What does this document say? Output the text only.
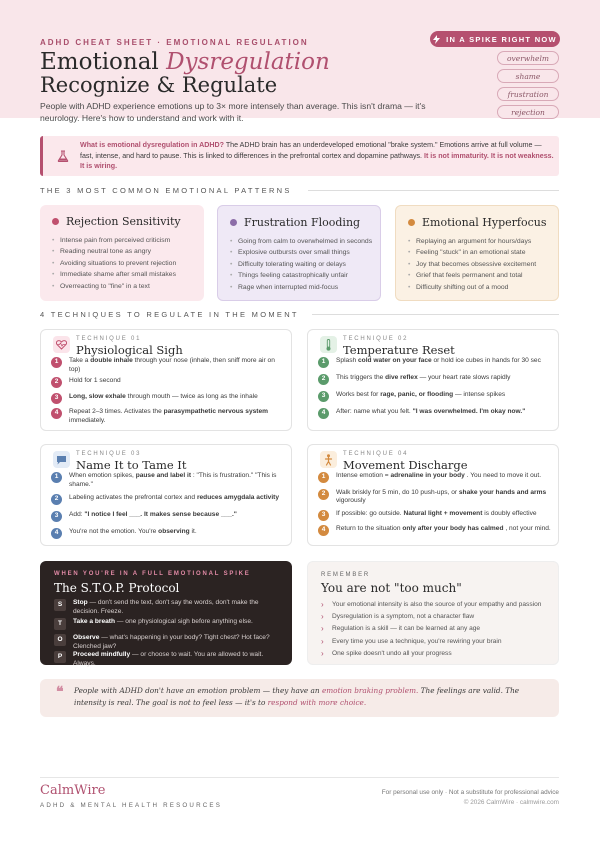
ADHD CHEAT SHEET · EMOTIONAL REGULATION
Emotional Dysregulation
Recognize & Regulate
People with ADHD experience emotions up to 3× more intensely than average. This isn't drama — it's neurology. Here's how to understand and work with it.
IN A SPIKE RIGHT NOW
overwhelm
shame
frustration
rejection
What is emotional dysregulation in ADHD? The ADHD brain has an underdeveloped emotional "brake system." Emotions arrive at full volume — fast, intense, and hard to pause. This is linked to differences in the prefrontal cortex and dopamine pathways. It is not immaturity. It is not weakness. It is wiring.
THE 3 MOST COMMON EMOTIONAL PATTERNS
Rejection Sensitivity
• Intense pain from perceived criticism
• Reading neutral tone as angry
• Avoiding situations to prevent rejection
• Immediate shame after small mistakes
• Overreacting to "fine" in a text
Frustration Flooding
• Going from calm to overwhelmed in seconds
• Explosive outbursts over small things
• Difficulty tolerating waiting or delays
• Things feeling catastrophically unfair
• Rage when interrupted mid-focus
Emotional Hyperfocus
• Replaying an argument for hours/days
• Feeling "stuck" in an emotional state
• Joy that becomes obsessive excitement
• Grief that feels permanent and total
• Difficulty shifting out of a mood
4 TECHNIQUES TO REGULATE IN THE MOMENT
TECHNIQUE 01
Physiological Sigh
1	Take a double inhale through your nose (inhale, then sniff more air on top)
2	Hold for 1 second
3	Long, slow exhale through mouth — twice as long as the inhale
4	Repeat 2–3 times. Activates the parasympathetic nervous system immediately.
TECHNIQUE 02
Temperature Reset
1	Splash cold water on your face or hold ice cubes in hands for 30 sec
2	This triggers the dive reflex — your heart rate slows rapidly
3	Works best for rage, panic, or flooding — intense spikes
4	After: name what you felt. "I was overwhelmed. I'm okay now."
TECHNIQUE 03
Name It to Tame It
1	When emotion spikes, pause and label it : "This is frustration." "This is shame."
2	Labeling activates the prefrontal cortex and reduces amygdala activity
3	Add: "I notice I feel ___. It makes sense because ___."
4	You're not the emotion. You're observing it.
TECHNIQUE 04
Movement Discharge
1	Intense emotion = adrenaline in your body . You need to move it out.
2	Walk briskly for 5 min, do 10 push-ups, or shake your hands and arms vigorously
3	If possible: go outside. Natural light + movement is doubly effective
4	Return to the situation only after your body has calmed , not your mind.
WHEN YOU'RE IN A FULL EMOTIONAL SPIKE
The S.T.O.P. Protocol
S	Stop — don't send the text, don't say the words, don't make the decision. Freeze.
T	Take a breath — one physiological sigh before anything else.
O	Observe — what's happening in your body? Tight chest? Hot face? Clenched jaw?
P	Proceed mindfully — or choose to wait. You are allowed to wait. Always.
REMEMBER
You are not "too much"
› Your emotional intensity is also the source of your empathy and passion
› Dysregulation is a symptom, not a character flaw
› Regulation is a skill — it can be learned at any age
› Every time you use a technique, you're rewiring your brain
› One spike doesn't undo all your progress
❝ People with ADHD don't have an emotion problem — they have an emotion braking problem. The feelings are valid. The intensity is real. The goal is not to feel less — it's to respond with more choice.
CalmWire
ADHD & MENTAL HEALTH RESOURCES
For personal use only · Not a substitute for professional advice
© 2026 CalmWire · calmwire.com
